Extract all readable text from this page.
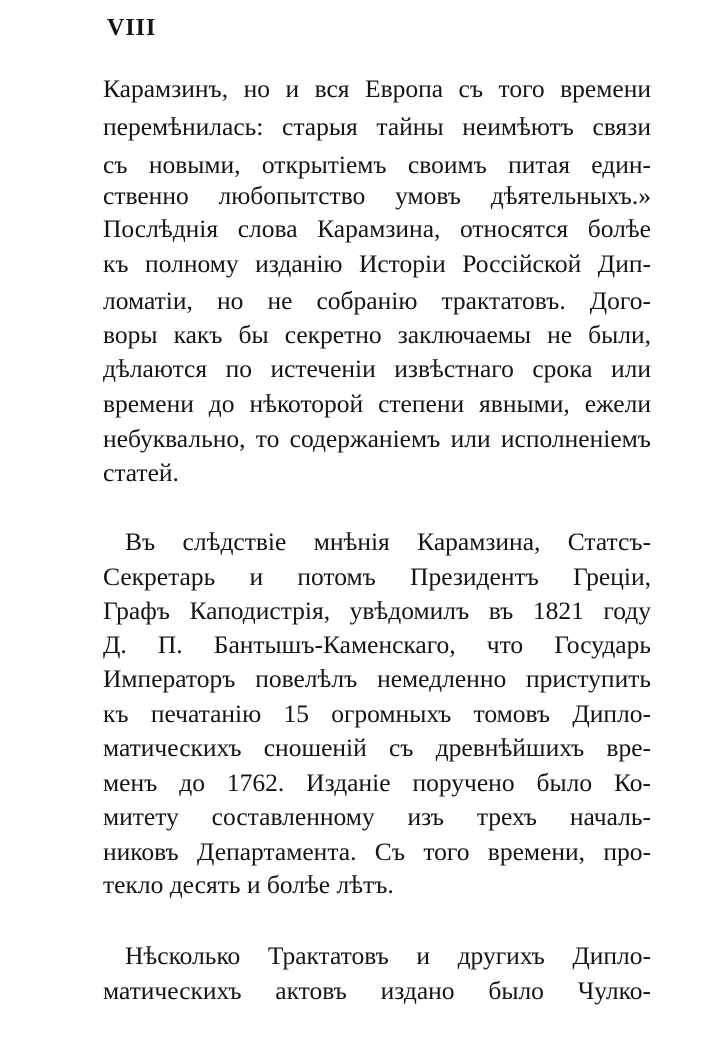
VIII
Карамзинъ, но и вся Европа съ того времени
перемѣнилась: старыя тайны неимѣютъ связи
съ новыми, открытіемъ своимъ питая един-
ственно любопытство умовъ дѣятельныхъ.»
Послѣднія слова Карамзина, относятся болѣе
къ полному изданію Исторіи Россійской Дип-
ломатіи, но не собранію трактатовъ. Дого-
воры какъ бы секретно заключаемы не были,
дѣлаются по истеченіи извѣстнаго срока или
времени до нѣкоторой степени явными, ежели
небуквально, то содержаніемъ или исполненіемъ
статей.
Въ слѣдствіе мнѣнія Карамзина, Статсъ-
Секретарь и потомъ Президентъ Греціи,
Графъ Каподистрія, увѣдомилъ въ 1821 году
Д. П. Бантышъ-Каменскаго, что Государь
Императоръ повелѣлъ немедленно приступить
къ печатанію 15 огромныхъ томовъ Дипло-
матическихъ сношеній съ древнѣйшихъ вре-
менъ до 1762. Изданіе поручено было Ко-
митету составленному изъ трехъ началь-
никовъ Департамента. Съ того времени, про-
текло десять и болѣе лѣтъ.
Нѣсколько Трактатовъ и другихъ Дипло-
матическихъ актовъ издано было Чулко-
